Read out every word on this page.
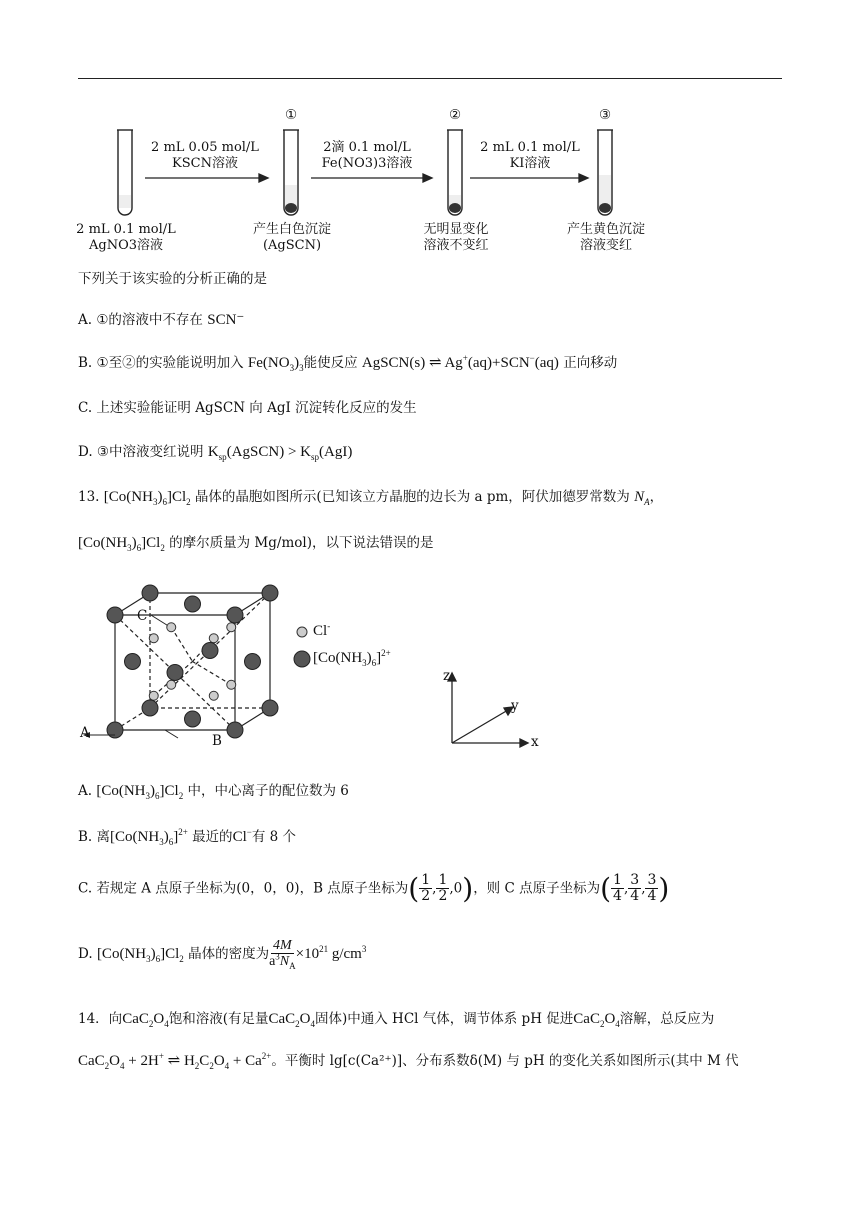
2 mL 0.05 mol/L
KSCN溶液
2滴 0.1 mol/L
Fe(NO3)3溶液
2 mL 0.1 mol/L
KI溶液
①	②	③
2 mL 0.1 mol/L
AgNO3溶液
产生白色沉淀
(AgSCN)
无明显变化
溶液不变红
产生黄色沉淀
溶液变红
下列关于该实验的分析正确的是
A. ①的溶液中不存在 SCN⁻
B. ①至②的实验能说明加入 $Fe(NO_3)_3$能使反应 AgSCN(s) ⇌ Ag+(aq)+SCN−(aq) 正向移动
C. 上述实验能证明 AgSCN 向 AgI 沉淀转化反应的发生
D. ③中溶液变红说明 $K_{sp}(AgSCN) > K_{sp}(AgI)$
13. $[Co(NH_3)_6]Cl_2$ 晶体的晶胞如图所示(已知该立方晶胞的边长为 a pm，阿伏加德罗常数为 $N_A$，
$[Co(NH_3)_6]Cl_2$ 的摩尔质量为 Mg/mol)，以下说法错误的是
C
A	B
Cl-
$[Co(NH_3)_6]^{2+}$
z
y
x
A. $[Co(NH_3)_6]Cl_2$ 中，中心离子的配位数为 6
B. 离$[Co(NH_3)_6]^{2+}$ 最近的Cl−有 8 个
C. 若规定 A 点原子坐标为(0，0，0)，B 点原子坐标为( $\frac{1}{2}$ , $\frac{1}{2} ,0$)，则 C 点原子坐标为( $\frac{1}{4}$ , $\frac{3}{4}$ , $\frac{3}{4}$ )
D. $[Co(NH_3)_6]Cl_2$ 晶体的密度为 $\frac{4M}{a^3N_A} \times 10^{21}$ $g/cm^3$
14．向$CaC_2O_4$饱和溶液(有足量$CaC_2O_4$固体)中通入 HCl 气体，调节体系 pH 促进$CaC_2O_4$溶解，总反应为
$CaC_2O_4 + 2H^+$ ⇌ $H_2C_2O_4 + Ca^{2+}$。平衡时 lg[c(Ca²⁺)]、分布系数δ(M) 与 pH 的变化关系如图所示(其中 M 代
